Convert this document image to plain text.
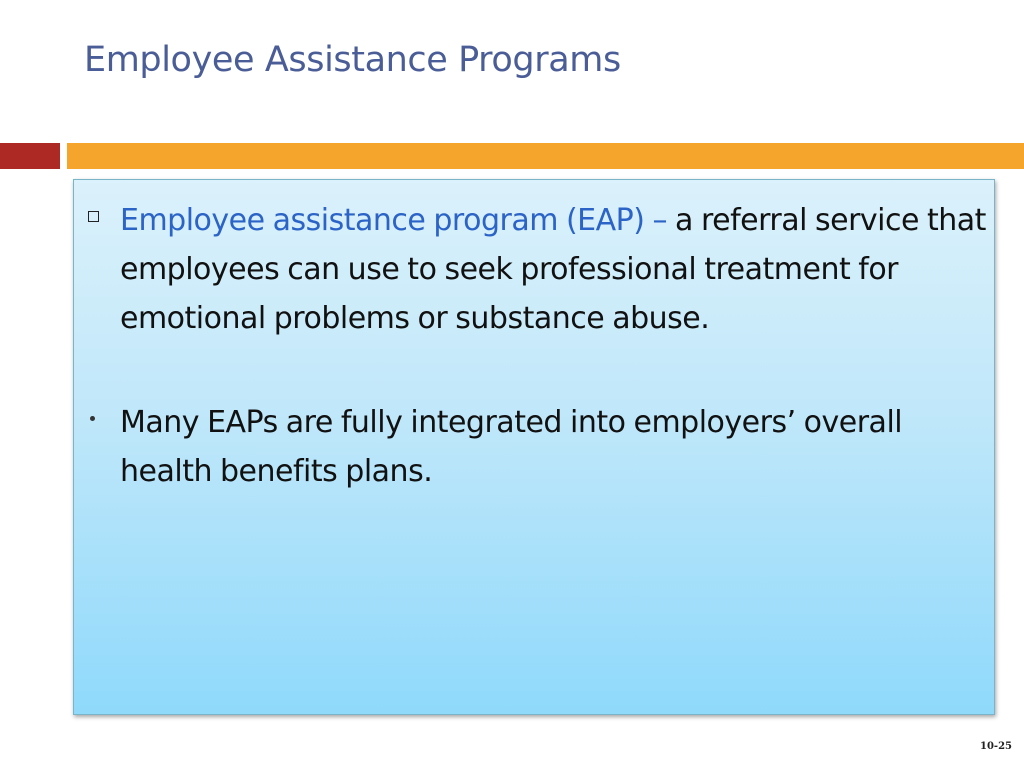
Employee Assistance Programs
Employee assistance program (EAP) – a referral service that employees can use to seek professional treatment for emotional problems or substance abuse.
Many EAPs are fully integrated into employers’ overall health benefits plans.
10-25
